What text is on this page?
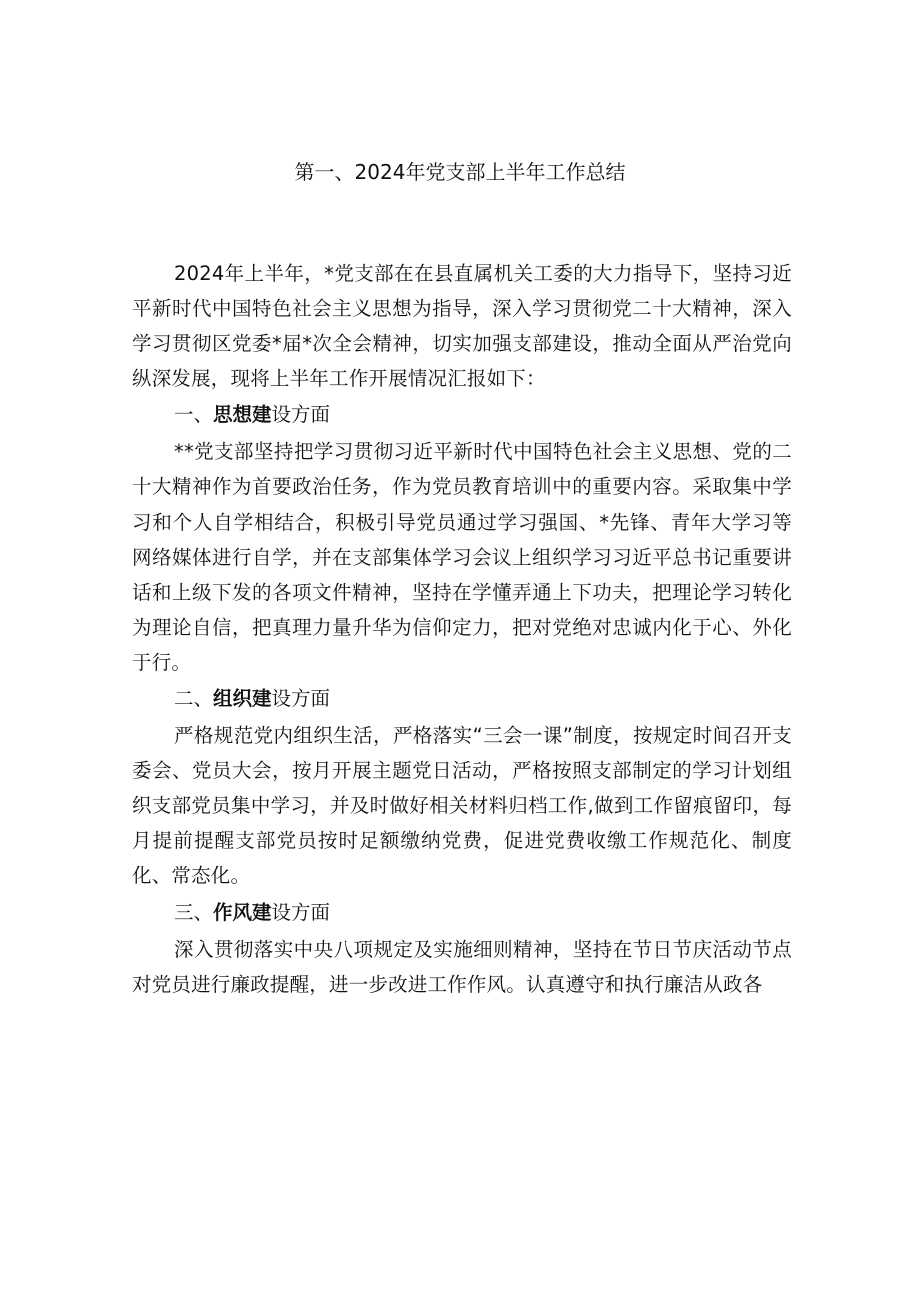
第一、2024年党支部上半年工作总结

2024年上半年，*党支部在在县直属机关工委的大力指导下，坚持习近平新时代中国特色社会主义思想为指导，深入学习贯彻党二十大精神，深入学习贯彻区党委*届*次全会精神，切实加强支部建设，推动全面从严治党向纵深发展，现将上半年工作开展情况汇报如下：

一、思想建设方面

**党支部坚持把学习贯彻习近平新时代中国特色社会主义思想、党的二十大精神作为首要政治任务，作为党员教育培训中的重要内容。采取集中学习和个人自学相结合，积极引导党员通过学习强国、*先锋、青年大学习等网络媒体进行自学，并在支部集体学习会议上组织学习习近平总书记重要讲话和上级下发的各项文件精神，坚持在学懂弄通上下功夫，把理论学习转化为理论自信，把真理力量升华为信仰定力，把对党绝对忠诚内化于心、外化于行。

二、组织建设方面

严格规范党内组织生活，严格落实“三会一课”制度，按规定时间召开支委会、党员大会，按月开展主题党日活动，严格按照支部制定的学习计划组织支部党员集中学习，并及时做好相关材料归档工作,做到工作留痕留印，每月提前提醒支部党员按时足额缴纳党费，促进党费收缴工作规范化、制度化、常态化。

三、作风建设方面

深入贯彻落实中央八项规定及实施细则精神，坚持在节日节庆活动节点对党员进行廉政提醒，进一步改进工作作风。认真遵守和执行廉洁从政各
